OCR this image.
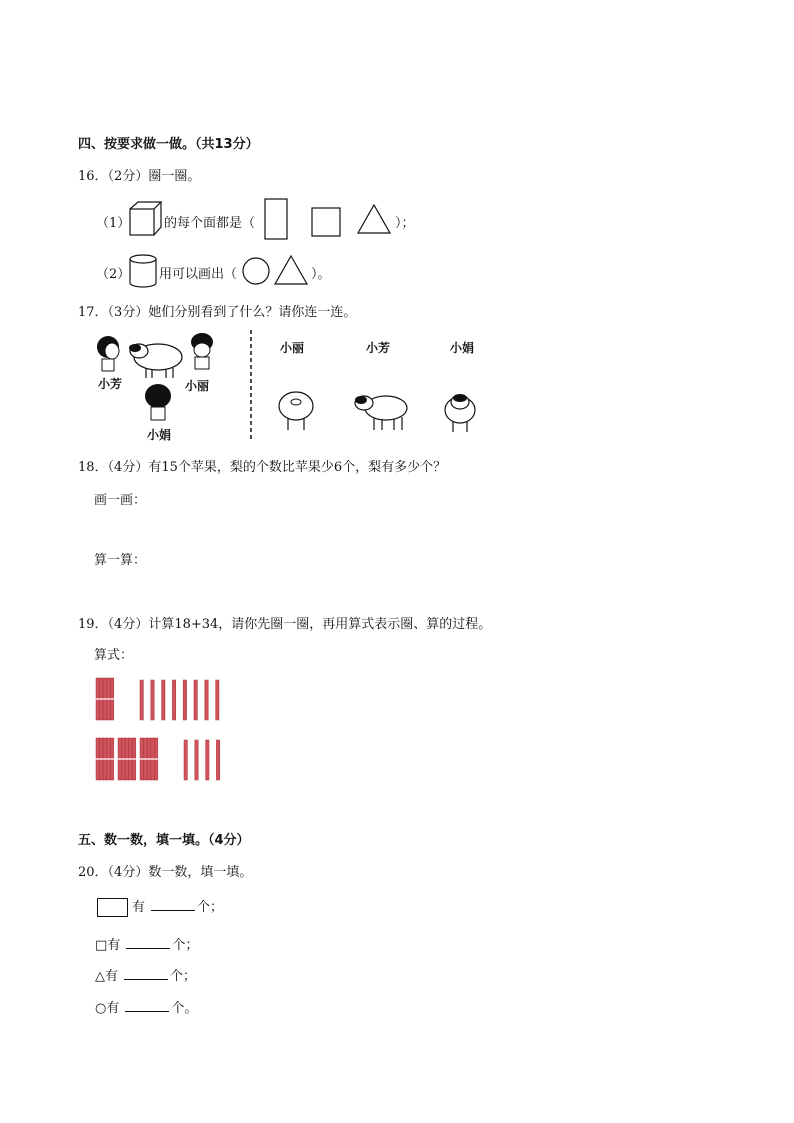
四、按要求做一做。（共13分）
16．（2分）圈一圈。
（1）	的每个面都是（	）；
（2） 用可以画出（	）。
17．（3分）她们分别看到了什么？请你连一连。
小芳	小丽
小娟
小丽	小芳	小娟
18．（4分）有15个苹果，梨的个数比苹果少6个，梨有多少个？
画一画：
算一算：
19．（4分）计算18+34，请你先圈一圈，再用算式表示圈、算的过程。
算式：
五、数一数，填一填。（4分）
20．（4分）数一数，填一填。
有	个；
□有	个；
△有	个；
○有	个。
